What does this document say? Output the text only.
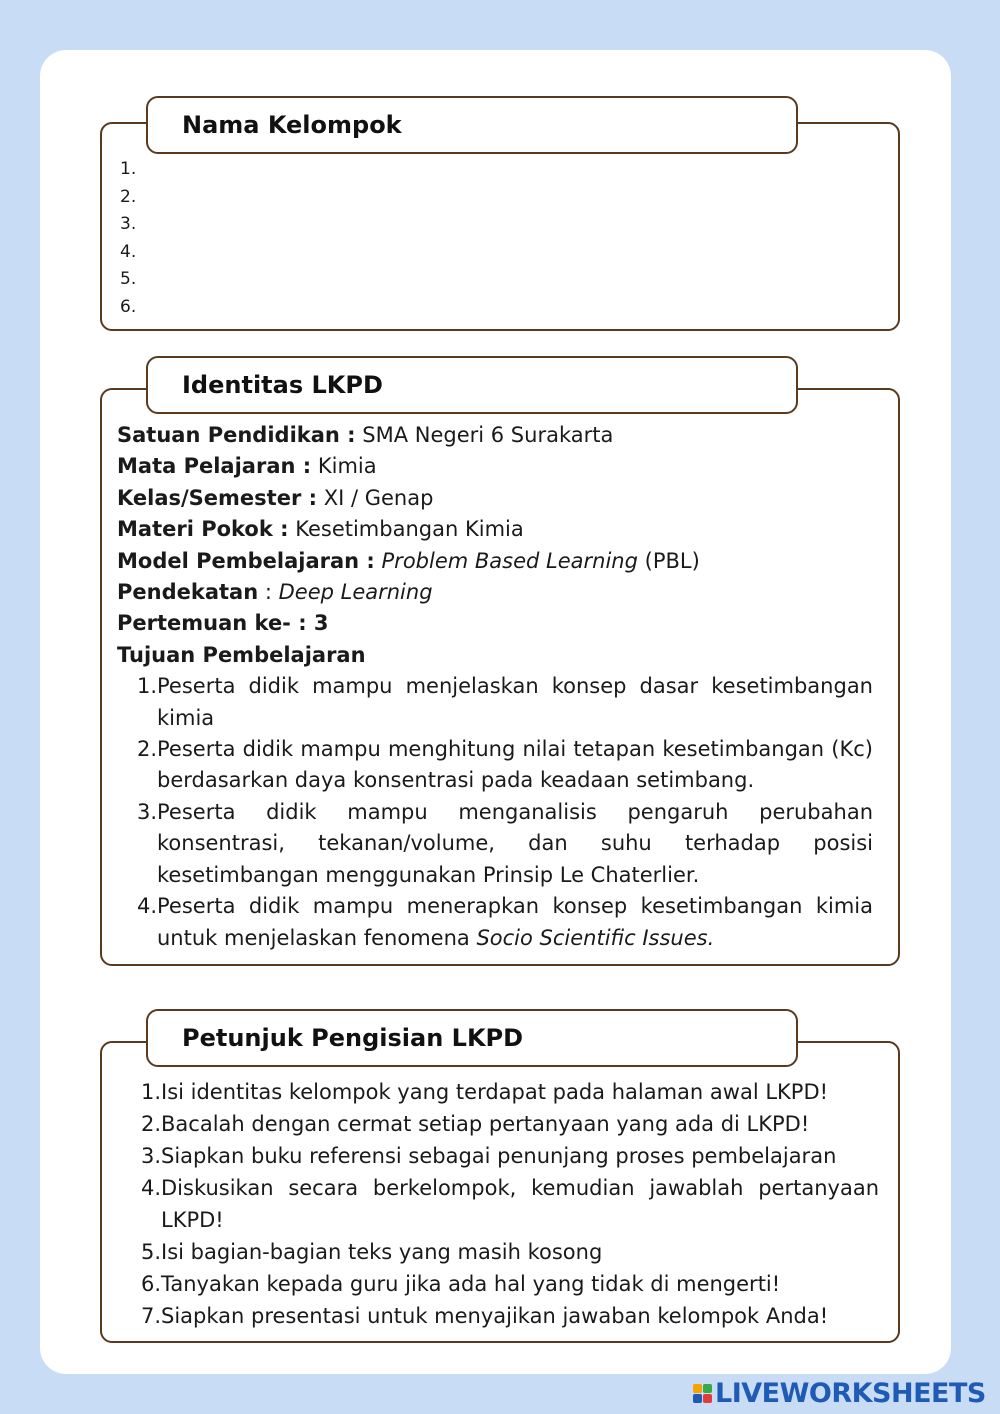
Nama Kelompok
1.
2.
3.
4.
5.
6.
Identitas LKPD
Satuan Pendidikan : SMA Negeri 6 Surakarta
Mata Pelajaran : Kimia
Kelas/Semester : XI / Genap
Materi Pokok : Kesetimbangan Kimia
Model Pembelajaran : Problem Based Learning (PBL)
Pendekatan : Deep Learning
Pertemuan ke- : 3
Tujuan Pembelajaran
1. Peserta didik mampu menjelaskan konsep dasar kesetimbangan kimia
2. Peserta didik mampu menghitung nilai tetapan kesetimbangan (Kc) berdasarkan daya konsentrasi pada keadaan setimbang.
3. Peserta didik mampu menganalisis pengaruh perubahan konsentrasi, tekanan/volume, dan suhu terhadap posisi kesetimbangan menggunakan Prinsip Le Chaterlier.
4. Peserta didik mampu menerapkan konsep kesetimbangan kimia untuk menjelaskan fenomena Socio Scientific Issues.
Petunjuk Pengisian LKPD
1. Isi identitas kelompok yang terdapat pada halaman awal LKPD!
2. Bacalah dengan cermat setiap pertanyaan yang ada di LKPD!
3. Siapkan buku referensi sebagai penunjang proses pembelajaran
4. Diskusikan secara berkelompok, kemudian jawablah pertanyaan LKPD!
5. Isi bagian-bagian teks yang masih kosong
6. Tanyakan kepada guru jika ada hal yang tidak di mengerti!
7. Siapkan presentasi untuk menyajikan jawaban kelompok Anda!
LIVEWORKSHEETS
